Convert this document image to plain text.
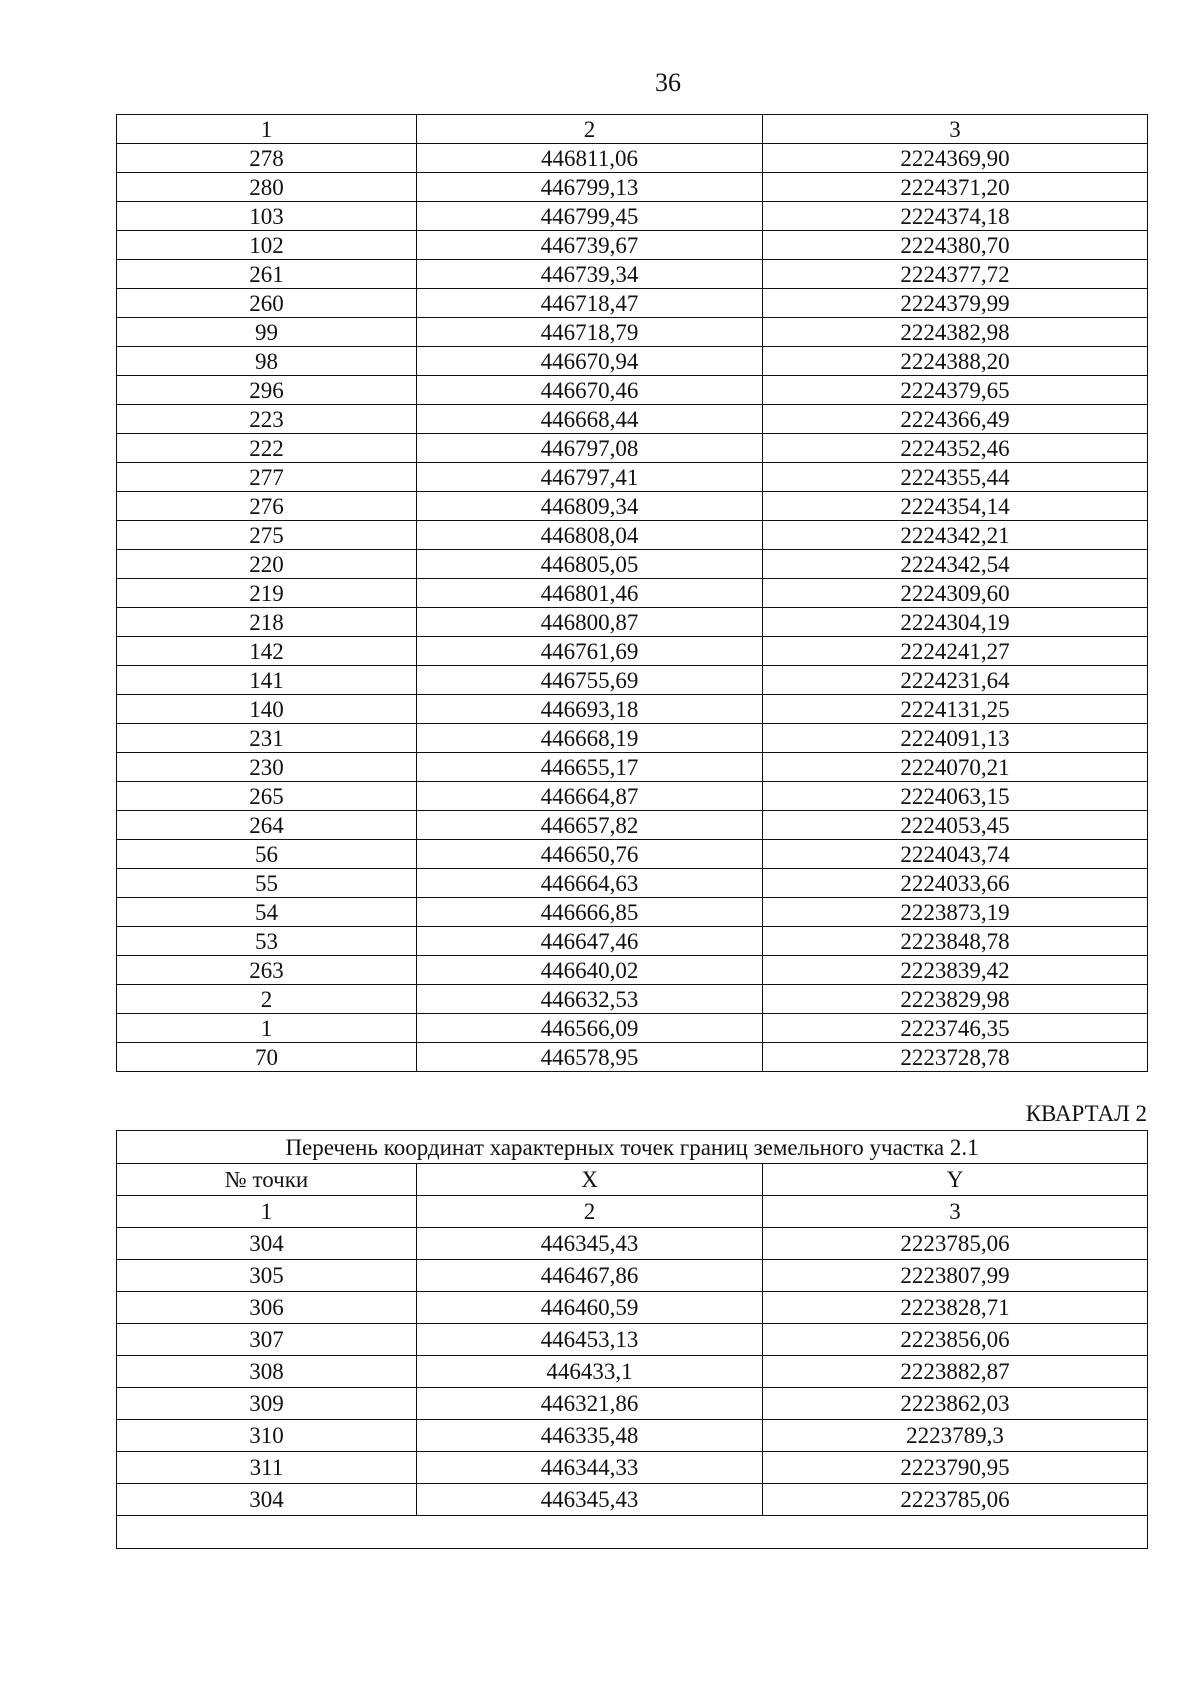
36
1	2	3
278	446811,06	2224369,90
280	446799,13	2224371,20
103	446799,45	2224374,18
102	446739,67	2224380,70
261	446739,34	2224377,72
260	446718,47	2224379,99
99	446718,79	2224382,98
98	446670,94	2224388,20
296	446670,46	2224379,65
223	446668,44	2224366,49
222	446797,08	2224352,46
277	446797,41	2224355,44
276	446809,34	2224354,14
275	446808,04	2224342,21
220	446805,05	2224342,54
219	446801,46	2224309,60
218	446800,87	2224304,19
142	446761,69	2224241,27
141	446755,69	2224231,64
140	446693,18	2224131,25
231	446668,19	2224091,13
230	446655,17	2224070,21
265	446664,87	2224063,15
264	446657,82	2224053,45
56	446650,76	2224043,74
55	446664,63	2224033,66
54	446666,85	2223873,19
53	446647,46	2223848,78
263	446640,02	2223839,42
2	446632,53	2223829,98
1	446566,09	2223746,35
70	446578,95	2223728,78
КВАРТАЛ 2
Перечень координат характерных точек границ земельного участка 2.1		
№ точки	X	Y
1	2	3
304	446345,43	2223785,06
305	446467,86	2223807,99
306	446460,59	2223828,71
307	446453,13	2223856,06
308	446433,1	2223882,87
309	446321,86	2223862,03
310	446335,48	2223789,3
311	446344,33	2223790,95
304	446345,43	2223785,06
